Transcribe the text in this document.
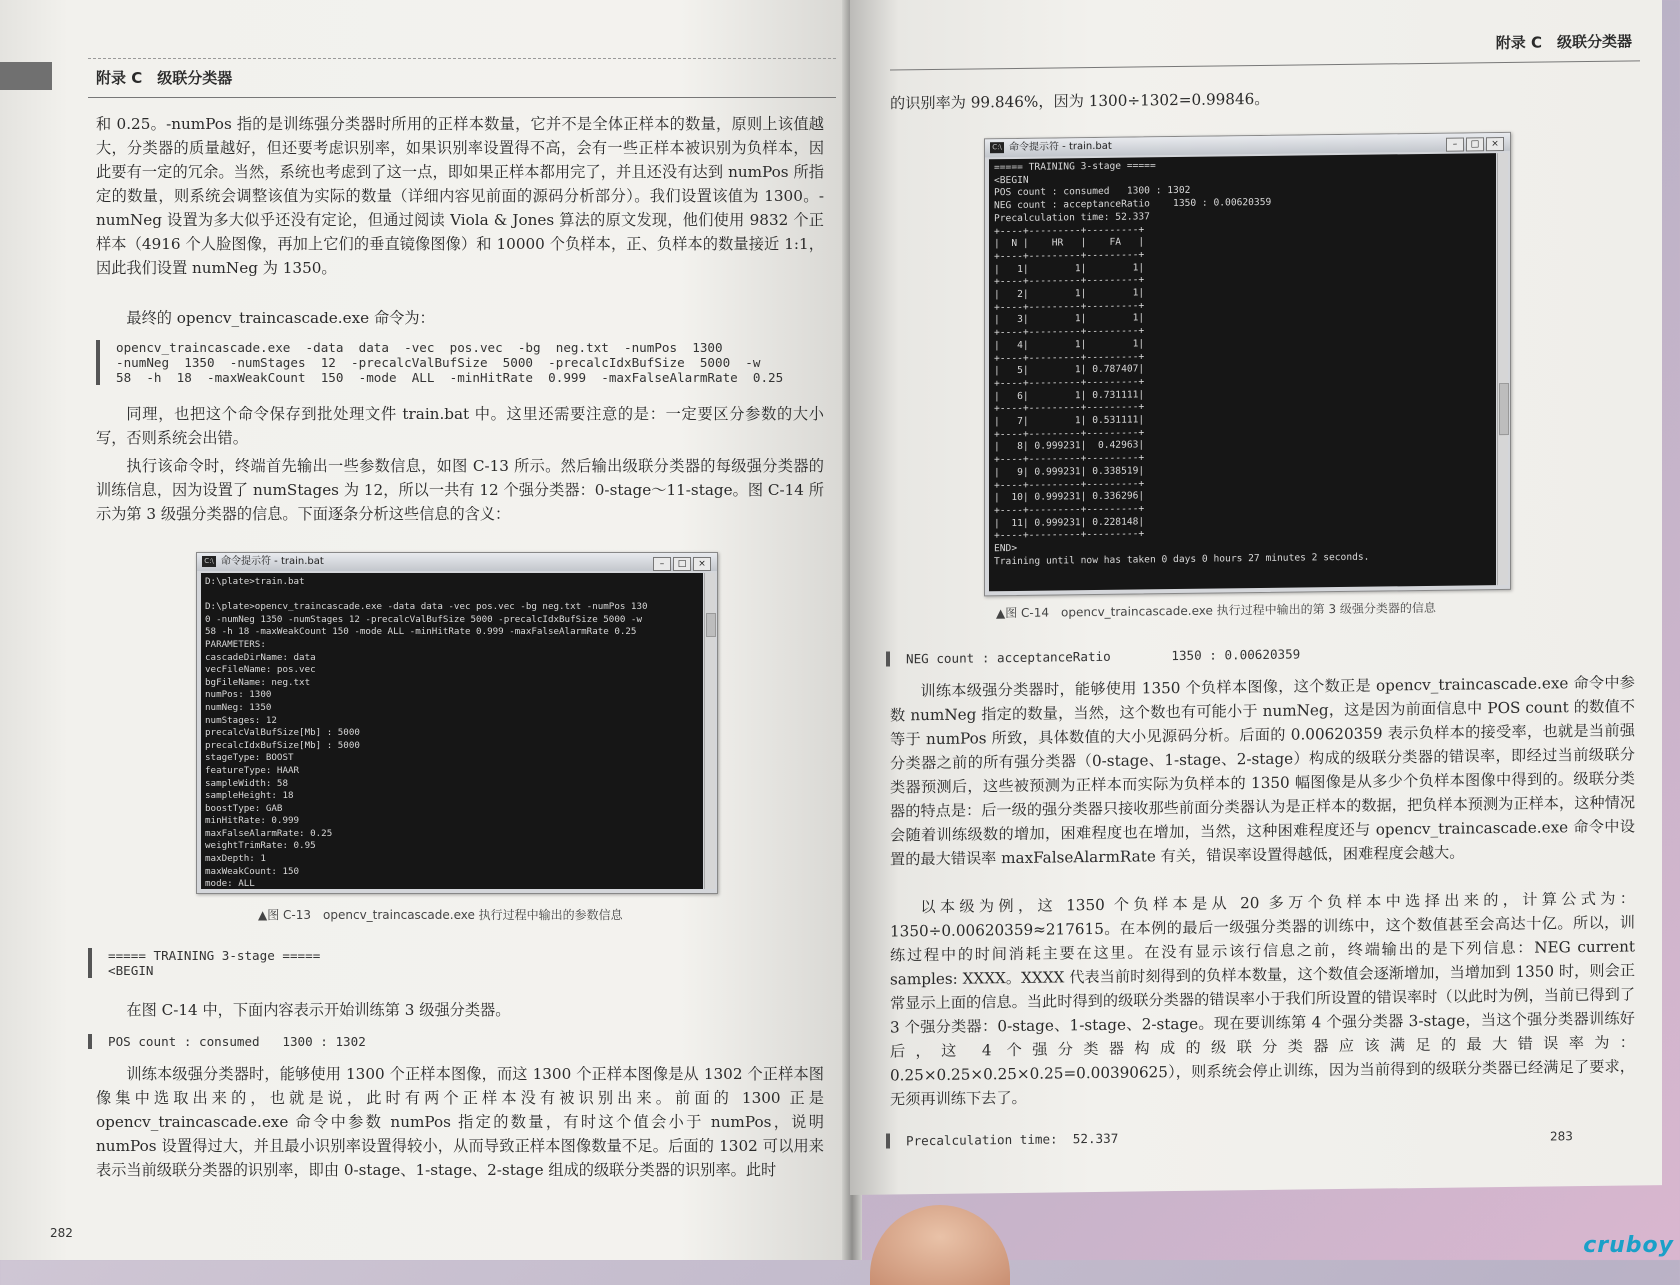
附录 C　级联分类器
和 0.25。-numPos 指的是训练强分类器时所用的正样本数量，它并不是全体正样本的数量，原则上该值越大，分类器的质量越好，但还要考虑识别率，如果识别率设置得不高，会有一些正样本被识别为负样本，因此要有一定的冗余。当然，系统也考虑到了这一点，即如果正样本都用完了，并且还没有达到 numPos 所指定的数量，则系统会调整该值为实际的数量（详细内容见前面的源码分析部分）。我们设置该值为 1300。-numNeg 设置为多大似乎还没有定论，但通过阅读 Viola & Jones 算法的原文发现，他们使用 9832 个正样本（4916 个人脸图像，再加上它们的垂直镜像图像）和 10000 个负样本，正、负样本的数量接近 1:1，因此我们设置 numNeg 为 1350。
最终的 opencv_traincascade.exe 命令为：
opencv_traincascade.exe  -data  data  -vec  pos.vec  -bg  neg.txt  -numPos  1300
-numNeg  1350  -numStages  12  -precalcValBufSize  5000  -precalcIdxBufSize  5000  -w
58  -h  18  -maxWeakCount  150  -mode  ALL  -minHitRate  0.999  -maxFalseAlarmRate  0.25
同理，也把这个命令保存到批处理文件 train.bat 中。这里还需要注意的是：一定要区分参数的大小写，否则系统会出错。
执行该命令时，终端首先输出一些参数信息，如图 C-13 所示。然后输出级联分类器的每级强分类器的训练信息，因为设置了 numStages 为 12，所以一共有 12 个强分类器：0-stage～11-stage。图 C-14 所示为第 3 级强分类器的信息。下面逐条分析这些信息的含义：
C:\ 命令提示符 - train.bat	– □ ×
D:\plate>train.bat

D:\plate>opencv_traincascade.exe -data data -vec pos.vec -bg neg.txt -numPos 130
0 -numNeg 1350 -numStages 12 -precalcValBufSize 5000 -precalcIdxBufSize 5000 -w
58 -h 18 -maxWeakCount 150 -mode ALL -minHitRate 0.999 -maxFalseAlarmRate 0.25
PARAMETERS:
cascadeDirName: data
vecFileName: pos.vec
bgFileName: neg.txt
numPos: 1300
numNeg: 1350
numStages: 12
precalcValBufSize[Mb] : 5000
precalcIdxBufSize[Mb] : 5000
stageType: BOOST
featureType: HAAR
sampleWidth: 58
sampleHeight: 18
boostType: GAB
minHitRate: 0.999
maxFalseAlarmRate: 0.25
weightTrimRate: 0.95
maxDepth: 1
maxWeakCount: 150
mode: ALL
▲图 C-13　opencv_traincascade.exe 执行过程中输出的参数信息
===== TRAINING 3-stage =====
<BEGIN
在图 C-14 中，下面内容表示开始训练第 3 级强分类器。
POS count : consumed   1300 : 1302
训练本级强分类器时，能够使用 1300 个正样本图像，而这 1300 个正样本图像是从 1302 个正样本图像集中选取出来的，也就是说，此时有两个正样本没有被识别出来。前面的 1300 正是 opencv_traincascade.exe 命令中参数 numPos 指定的数量，有时这个值会小于 numPos，说明 numPos 设置得过大，并且最小识别率设置得较小，从而导致正样本图像数量不足。后面的 1302 可以用来表示当前级联分类器的识别率，即由 0-stage、1-stage、2-stage 组成的级联分类器的识别率。此时
282
附录 C　级联分类器
的识别率为 99.846%，因为 1300÷1302=0.99846。
C:\ 命令提示符 - train.bat	– □ ×
===== TRAINING 3-stage =====
<BEGIN
POS count : consumed   1300 : 1302
NEG count : acceptanceRatio    1350 : 0.00620359
Precalculation time: 52.337
+----+---------+---------+
|  N |    HR   |    FA   |
+----+---------+---------+
|   1|        1|        1|
+----+---------+---------+
|   2|        1|        1|
+----+---------+---------+
|   3|        1|        1|
+----+---------+---------+
|   4|        1|        1|
+----+---------+---------+
|   5|        1| 0.787407|
+----+---------+---------+
|   6|        1| 0.731111|
+----+---------+---------+
|   7|        1| 0.531111|
+----+---------+---------+
|   8| 0.999231|  0.42963|
+----+---------+---------+
|   9| 0.999231| 0.338519|
+----+---------+---------+
|  10| 0.999231| 0.336296|
+----+---------+---------+
|  11| 0.999231| 0.228148|
+----+---------+---------+
END>
Training until now has taken 0 days 0 hours 27 minutes 2 seconds.
▲图 C-14　opencv_traincascade.exe 执行过程中输出的第 3 级强分类器的信息
NEG count : acceptanceRatio        1350 : 0.00620359
训练本级强分类器时，能够使用 1350 个负样本图像，这个数正是 opencv_traincascade.exe 命令中参数 numNeg 指定的数量，当然，这个数也有可能小于 numNeg，这是因为前面信息中 POS count 的数值不等于 numPos 所致，具体数值的大小见源码分析。后面的 0.00620359 表示负样本的接受率，也就是当前强分类器之前的所有强分类器（0-stage、1-stage、2-stage）构成的级联分类器的错误率，即经过当前级联分类器预测后，这些被预测为正样本而实际为负样本的 1350 幅图像是从多少个负样本图像中得到的。级联分类器的特点是：后一级的强分类器只接收那些前面分类器认为是正样本的数据，把负样本预测为正样本，这种情况会随着训练级数的增加，困难程度也在增加，当然，这种困难程度还与 opencv_traincascade.exe 命令中设置的最大错误率 maxFalseAlarmRate 有关，错误率设置得越低，困难程度会越大。
以本级为例，这 1350 个负样本是从 20 多万个负样本中选择出来的，计算公式为：1350÷0.00620359≈217615。在本例的最后一级强分类器的训练中，这个数值甚至会高达十亿。所以，训练过程中的时间消耗主要在这里。在没有显示该行信息之前，终端输出的是下列信息：NEG current samples: XXXX。XXXX 代表当前时刻得到的负样本数量，这个数值会逐渐增加，当增加到 1350 时，则会正常显示上面的信息。当此时得到的级联分类器的错误率小于我们所设置的错误率时（以此时为例，当前已得到了 3 个强分类器：0-stage、1-stage、2-stage。现在要训练第 4 个强分类器 3-stage，当这个强分类器训练好后，这 4 个强分类器构成的级联分类器应该满足的最大错误率为：0.25×0.25×0.25×0.25=0.00390625），则系统会停止训练，因为当前得到的级联分类器已经满足了要求，无须再训练下去了。
Precalculation time:  52.337	283
cruboy
